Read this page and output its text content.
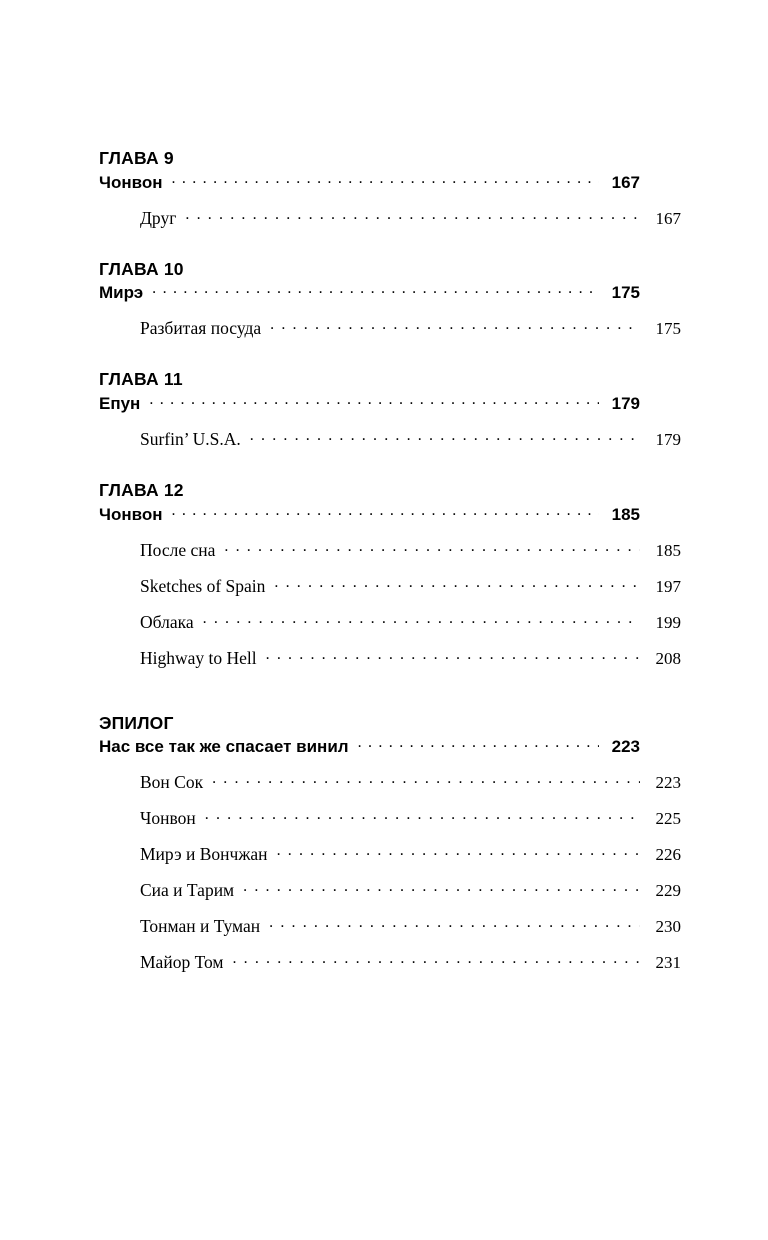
ГЛАВА 9
Чонвон . . .	167
Друг . . .	167
ГЛАВА 10
Мирэ . . .	175
Разбитая посуда . . .	175
ГЛАВА 11
Епун . . .	179
Surfin’ U.S.A. . . .	179
ГЛАВА 12
Чонвон . . .	185
После сна . . .	185
Sketches of Spain . . .	197
Облака . . .	199
Highway to Hell . . .	208
ЭПИЛОГ
Нас все так же спасает винил . . .	223
Вон Сок . . .	223
Чонвон . . .	225
Мирэ и Вончжан . . .	226
Сиа и Тарим . . .	229
Тонман и Туман . . .	230
Майор Том . . .	231
